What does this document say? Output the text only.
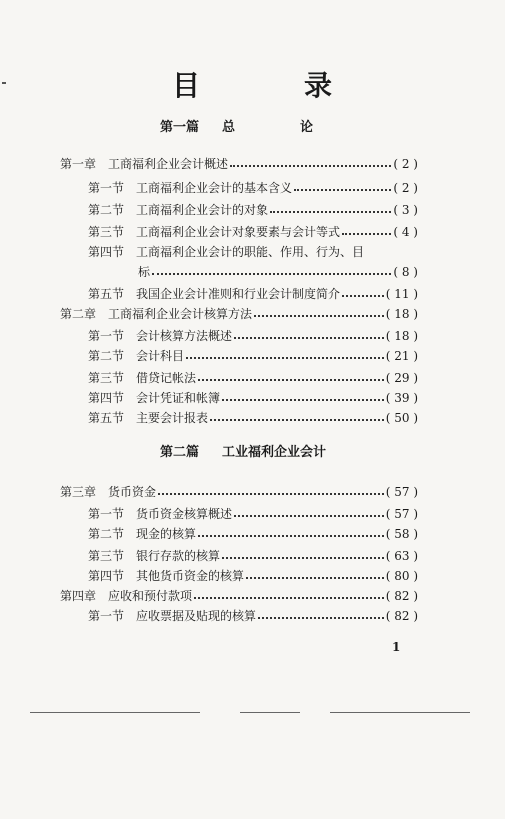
目	录
第一篇 总	论
第二篇 工业福利企业会计
第一章 工商福利企业会计概述	( 2 )
第一节 工商福利企业会计的基本含义	( 2 )
第二节 工商福利企业会计的对象	( 3 )
第三节 工商福利企业会计对象要素与会计等式	( 4 )
第四节 工商福利企业会计的职能、作用、行为、目
标	( 8 )
第五节 我国企业会计准则和行业会计制度简介	( 11 )
第二章 工商福利企业会计核算方法	( 18 )
第一节 会计核算方法概述	( 18 )
第二节 会计科目	( 21 )
第三节 借贷记帐法	( 29 )
第四节 会计凭证和帐簿	( 39 )
第五节 主要会计报表	( 50 )
第三章 货币资金	( 57 )
第一节 货币资金核算概述	( 57 )
第二节 现金的核算	( 58 )
第三节 银行存款的核算	( 63 )
第四节 其他货币资金的核算	( 80 )
第四章 应收和预付款项	( 82 )
第一节 应收票据及贴现的核算	( 82 )
1
